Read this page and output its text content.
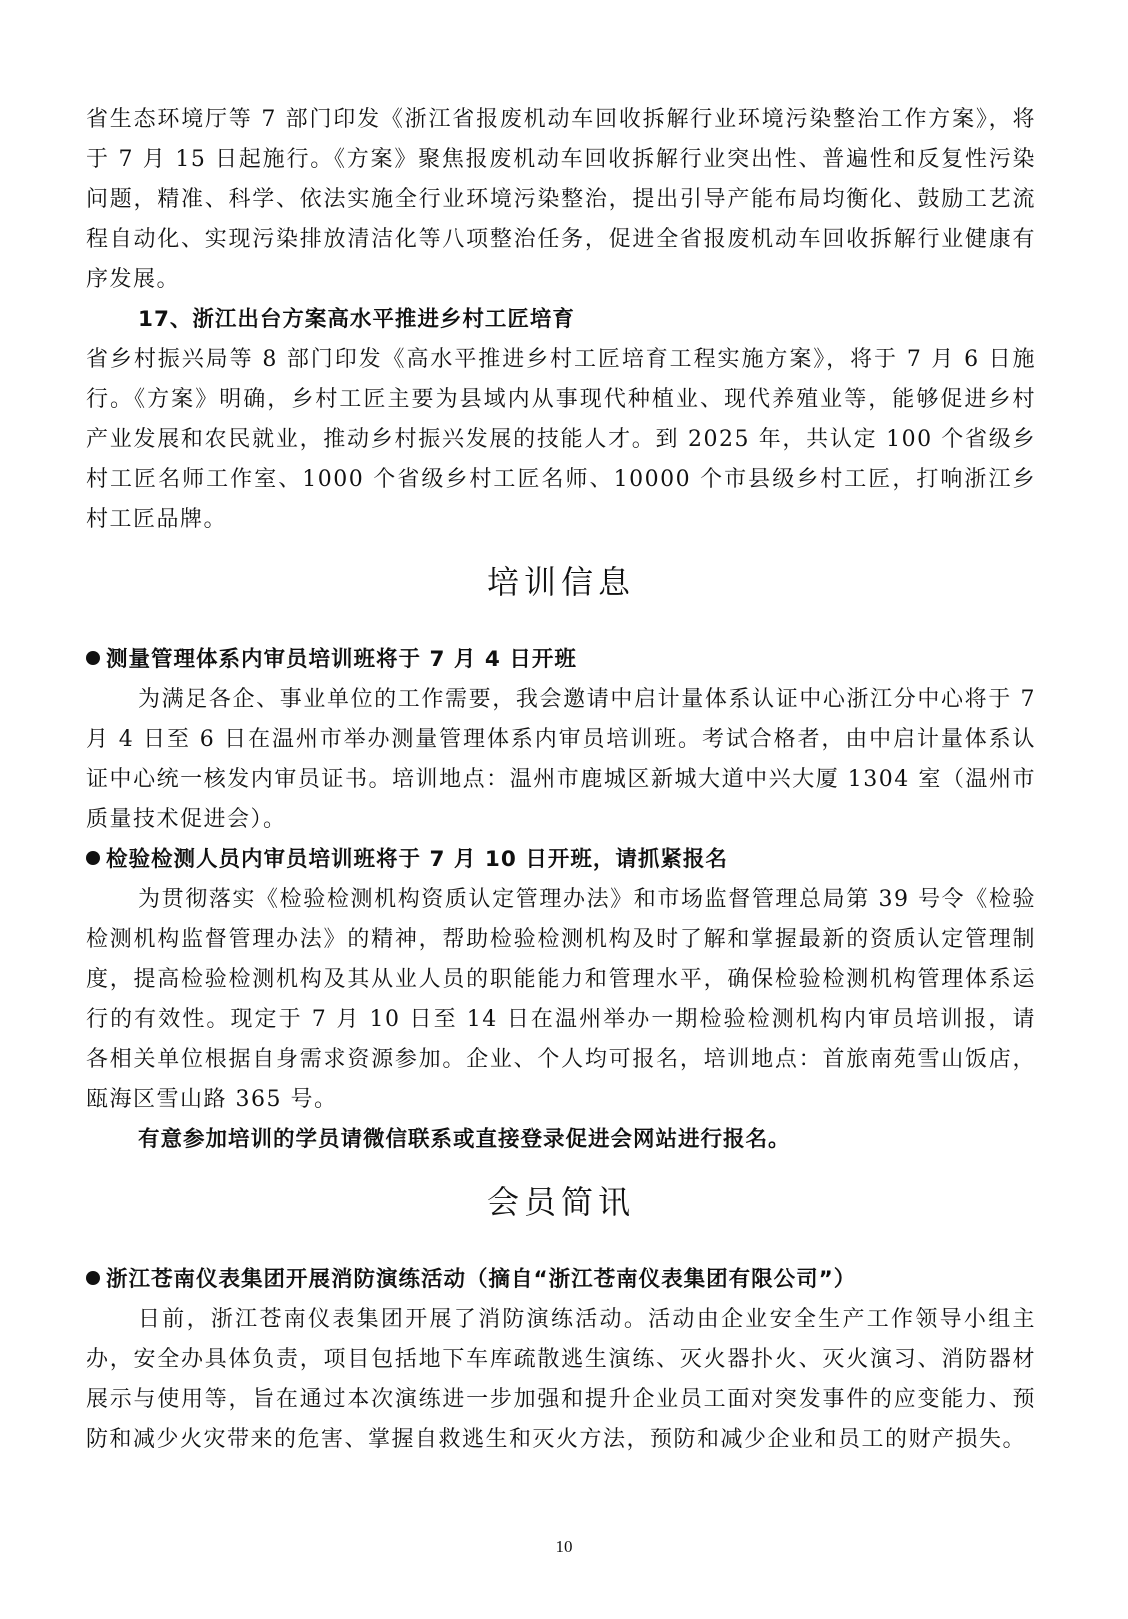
省生态环境厅等 7 部门印发《浙江省报废机动车回收拆解行业环境污染整治工作方案》，将于 7 月 15 日起施行。《方案》聚焦报废机动车回收拆解行业突出性、普遍性和反复性污染问题，精准、科学、依法实施全行业环境污染整治，提出引导产能布局均衡化、鼓励工艺流程自动化、实现污染排放清洁化等八项整治任务，促进全省报废机动车回收拆解行业健康有序发展。

17、浙江出台方案高水平推进乡村工匠培育

省乡村振兴局等 8 部门印发《高水平推进乡村工匠培育工程实施方案》，将于 7 月 6 日施行。《方案》明确，乡村工匠主要为县域内从事现代种植业、现代养殖业等，能够促进乡村产业发展和农民就业，推动乡村振兴发展的技能人才。到 2025 年，共认定 100 个省级乡村工匠名师工作室、1000 个省级乡村工匠名师、10000 个市县级乡村工匠，打响浙江乡村工匠品牌。

培训信息

测量管理体系内审员培训班将于 7 月 4 日开班

为满足各企、事业单位的工作需要，我会邀请中启计量体系认证中心浙江分中心将于 7 月 4 日至 6 日在温州市举办测量管理体系内审员培训班。考试合格者，由中启计量体系认证中心统一核发内审员证书。培训地点：温州市鹿城区新城大道中兴大厦 1304 室（温州市质量技术促进会）。

检验检测人员内审员培训班将于 7 月 10 日开班，请抓紧报名

为贯彻落实《检验检测机构资质认定管理办法》和市场监督管理总局第 39 号令《检验检测机构监督管理办法》的精神，帮助检验检测机构及时了解和掌握最新的资质认定管理制度，提高检验检测机构及其从业人员的职能能力和管理水平，确保检验检测机构管理体系运行的有效性。现定于 7 月 10 日至 14 日在温州举办一期检验检测机构内审员培训报，请各相关单位根据自身需求资源参加。企业、个人均可报名，培训地点：首旅南苑雪山饭店，瓯海区雪山路 365 号。

有意参加培训的学员请微信联系或直接登录促进会网站进行报名。

会员简讯

浙江苍南仪表集团开展消防演练活动（摘自“浙江苍南仪表集团有限公司”）

日前，浙江苍南仪表集团开展了消防演练活动。活动由企业安全生产工作领导小组主办，安全办具体负责，项目包括地下车库疏散逃生演练、灭火器扑火、灭火演习、消防器材展示与使用等，旨在通过本次演练进一步加强和提升企业员工面对突发事件的应变能力、预防和减少火灾带来的危害、掌握自救逃生和灭火方法，预防和减少企业和员工的财产损失。

10
